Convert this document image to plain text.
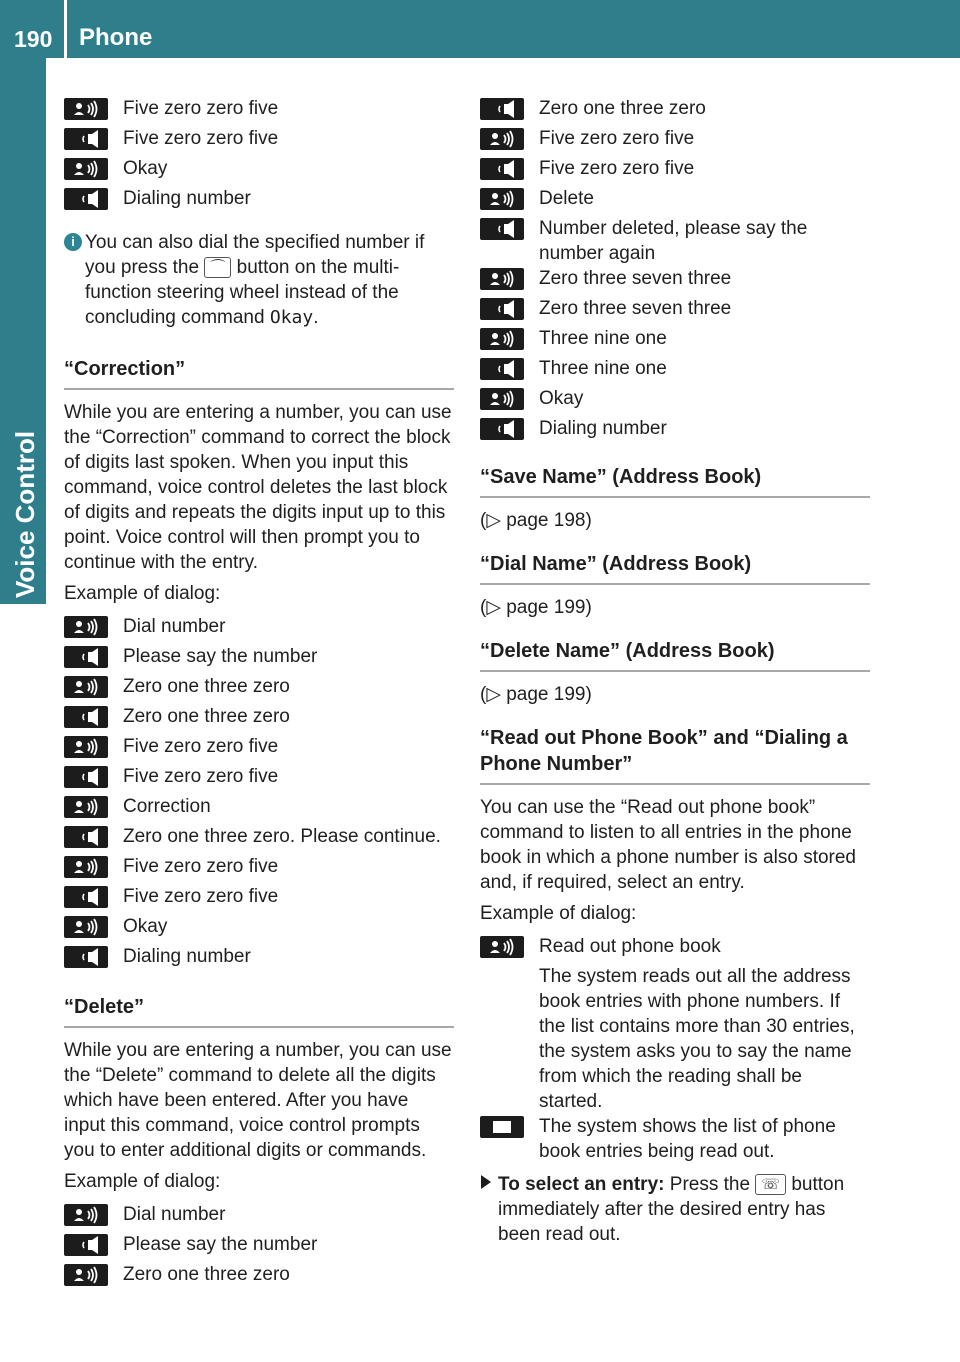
190 Phone
Voice Control
Five zero zero five
Five zero zero five
Okay
Dialing number
i You can also dial the specified number if you press the ⌒ button on the multi-function steering wheel instead of the concluding command Okay.
“Correction”

While you are entering a number, you can use the “Correction” command to correct the block of digits last spoken. When you input this command, voice control deletes the last block of digits and repeats the digits input up to this point. Voice control will then prompt you to continue with the entry.

Example of dialog:

Dial number
Please say the number
Zero one three zero
Zero one three zero
Five zero zero five
Five zero zero five
Correction
Zero one three zero. Please continue.
Five zero zero five
Five zero zero five
Okay
Dialing number
“Delete”

While you are entering a number, you can use the “Delete” command to delete all the digits which have been entered. After you have input this command, voice control prompts you to enter additional digits or commands.

Example of dialog:

Dial number
Please say the number
Zero one three zero
Zero one three zero
Five zero zero five
Five zero zero five
Delete
Number deleted, please say the number again
Zero three seven three
Zero three seven three
Three nine one
Three nine one
Okay
Dialing number
“Save Name” (Address Book)

(▷ page 198)

“Dial Name” (Address Book)

(▷ page 199)

“Delete Name” (Address Book)

(▷ page 199)

“Read out Phone Book” and “Dialing a Phone Number”

You can use the “Read out phone book” command to listen to all entries in the phone book in which a phone number is also stored and, if required, select an entry.

Example of dialog:

Read out phone book
The system reads out all the address book entries with phone numbers. If the list contains more than 30 entries, the system asks you to say the name from which the reading shall be started.
The system shows the list of phone book entries being read out.
To select an entry: Press the ☏ button immediately after the desired entry has been read out.
